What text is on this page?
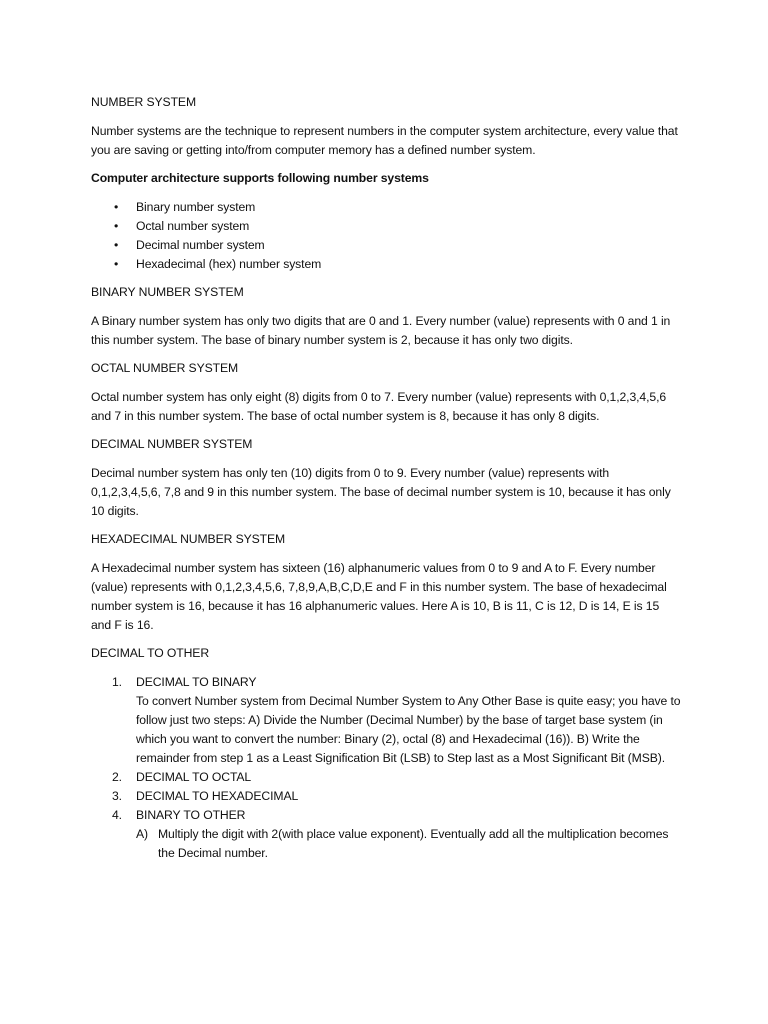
NUMBER SYSTEM
Number systems are the technique to represent numbers in the computer system architecture, every value that you are saving or getting into/from computer memory has a defined number system.
Computer architecture supports following number systems
• Binary number system
• Octal number system
• Decimal number system
• Hexadecimal (hex) number system
BINARY NUMBER SYSTEM
A Binary number system has only two digits that are 0 and 1. Every number (value) represents with 0 and 1 in this number system. The base of binary number system is 2, because it has only two digits.
OCTAL NUMBER SYSTEM
Octal number system has only eight (8) digits from 0 to 7. Every number (value) represents with 0,1,2,3,4,5,6 and 7 in this number system. The base of octal number system is 8, because it has only 8 digits.
DECIMAL NUMBER SYSTEM
Decimal number system has only ten (10) digits from 0 to 9. Every number (value) represents with 0,1,2,3,4,5,6, 7,8 and 9 in this number system. The base of decimal number system is 10, because it has only 10 digits.
HEXADECIMAL NUMBER SYSTEM
A Hexadecimal number system has sixteen (16) alphanumeric values from 0 to 9 and A to F. Every number (value) represents with 0,1,2,3,4,5,6, 7,8,9,A,B,C,D,E and F in this number system. The base of hexadecimal number system is 16, because it has 16 alphanumeric values. Here A is 10, B is 11, C is 12, D is 14, E is 15 and F is 16.
DECIMAL TO OTHER
1. DECIMAL TO BINARY
To convert Number system from Decimal Number System to Any Other Base is quite easy; you have to follow just two steps: A) Divide the Number (Decimal Number) by the base of target base system (in which you want to convert the number: Binary (2), octal (8) and Hexadecimal (16)). B) Write the remainder from step 1 as a Least Signification Bit (LSB) to Step last as a Most Significant Bit (MSB).
2. DECIMAL TO OCTAL
3. DECIMAL TO HEXADECIMAL
4. BINARY TO OTHER
A) Multiply the digit with 2(with place value exponent). Eventually add all the multiplication becomes the Decimal number.
